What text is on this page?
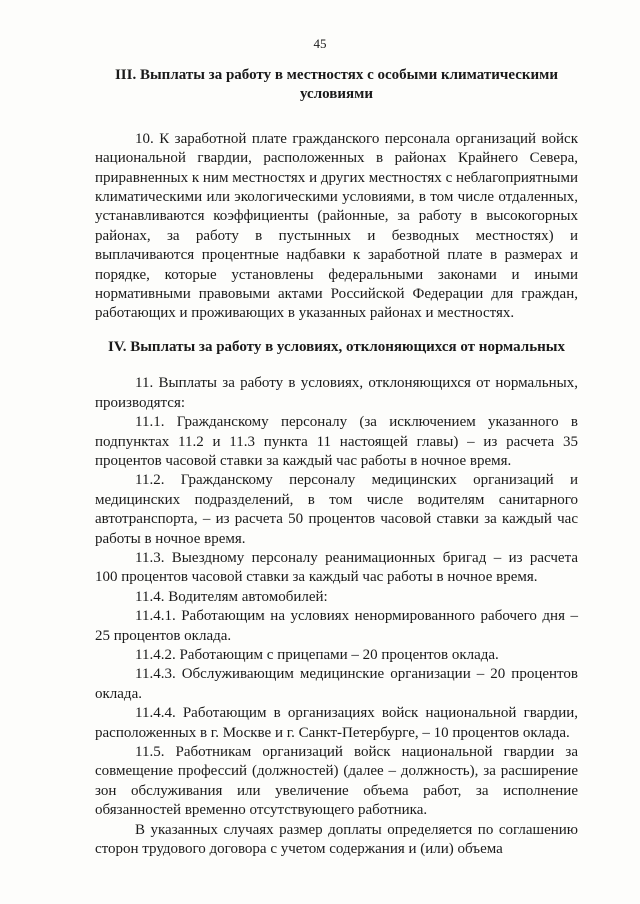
45
III. Выплаты за работу в местностях с особыми климатическими условиями

10. К заработной плате гражданского персонала организаций войск национальной гвардии, расположенных в районах Крайнего Севера, приравненных к ним местностях и других местностях с неблагоприятными климатическими или экологическими условиями, в том числе отдаленных, устанавливаются коэффициенты (районные, за работу в высокогорных районах, за работу в пустынных и безводных местностях) и выплачиваются процентные надбавки к заработной плате в размерах и порядке, которые установлены федеральными законами и иными нормативными правовыми актами Российской Федерации для граждан, работающих и проживающих в указанных районах и местностях.

IV. Выплаты за работу в условиях, отклоняющихся от нормальных

11. Выплаты за работу в условиях, отклоняющихся от нормальных, производятся:

11.1. Гражданскому персоналу (за исключением указанного в подпунктах 11.2 и 11.3 пункта 11 настоящей главы) – из расчета 35 процентов часовой ставки за каждый час работы в ночное время.

11.2. Гражданскому персоналу медицинских организаций и медицинских подразделений, в том числе водителям санитарного автотранспорта, – из расчета 50 процентов часовой ставки за каждый час работы в ночное время.

11.3. Выездному персоналу реанимационных бригад – из расчета 100 процентов часовой ставки за каждый час работы в ночное время.

11.4. Водителям автомобилей:

11.4.1. Работающим на условиях ненормированного рабочего дня – 25 процентов оклада.

11.4.2. Работающим с прицепами – 20 процентов оклада.

11.4.3. Обслуживающим медицинские организации – 20 процентов оклада.

11.4.4. Работающим в организациях войск национальной гвардии, расположенных в г. Москве и г. Санкт-Петербурге, – 10 процентов оклада.

11.5. Работникам организаций войск национальной гвардии за совмещение профессий (должностей) (далее – должность), за расширение зон обслуживания или увеличение объема работ, за исполнение обязанностей временно отсутствующего работника.

В указанных случаях размер доплаты определяется по соглашению сторон трудового договора с учетом содержания и (или) объема
